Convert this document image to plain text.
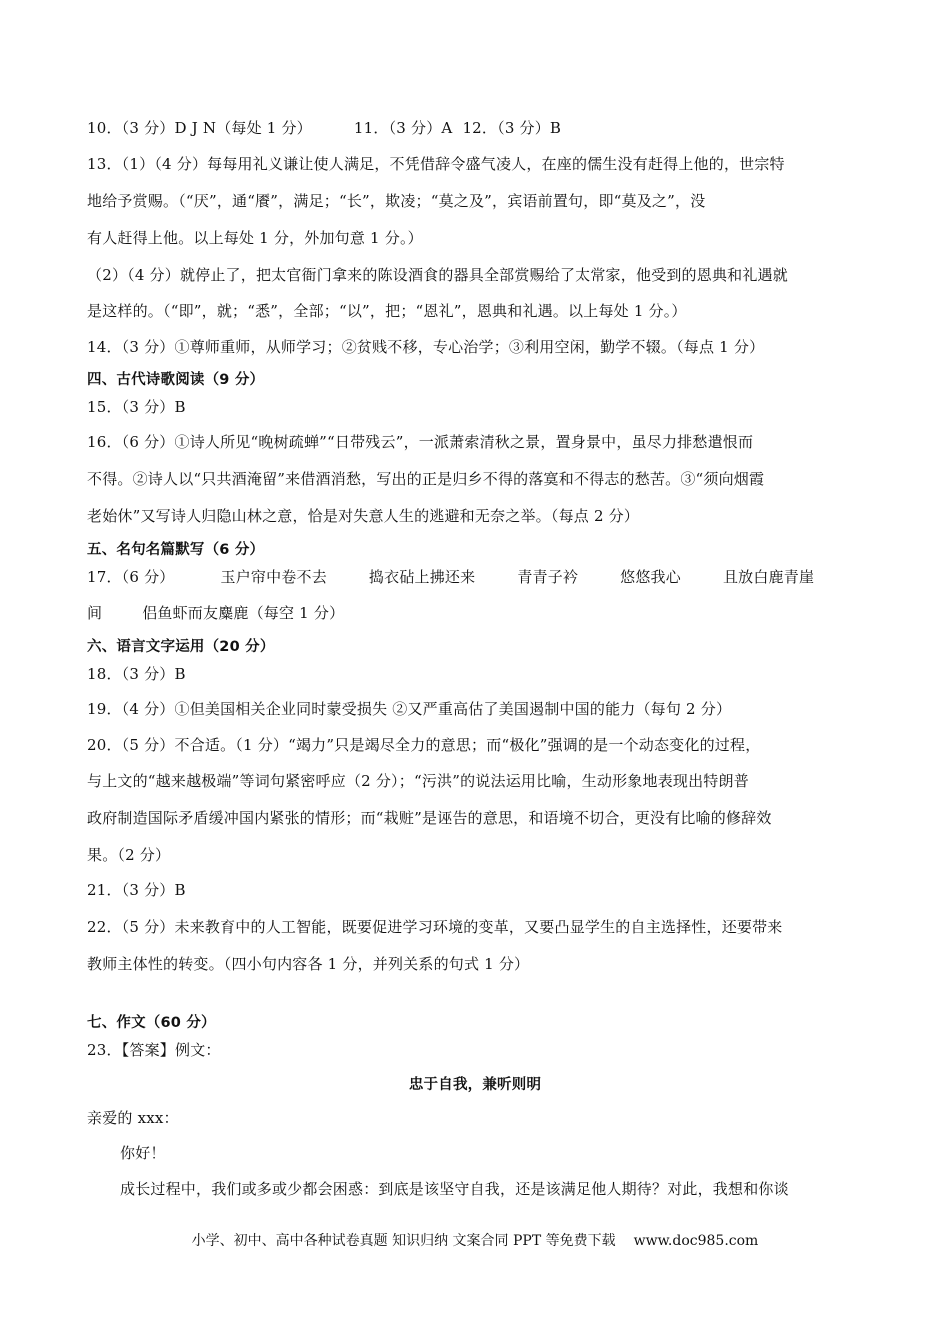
10．（3 分）D J N（每处 1 分）	11．（3 分）A 12．（3 分）B
13．（1）（4 分）每每用礼义谦让使人满足，不凭借辞令盛气凌人，在座的儒生没有赶得上他的，世宗特
地给予赏赐。（“厌”，通“餍”，满足；“长”，欺凌；“莫之及”，宾语前置句，即“莫及之”，没
有人赶得上他。以上每处 1 分，外加句意 1 分。）
（2）（4 分）就停止了，把太官衙门拿来的陈设酒食的器具全部赏赐给了太常家，他受到的恩典和礼遇就
是这样的。（“即”，就；“悉”，全部；“以”，把；“恩礼”，恩典和礼遇。以上每处 1 分。）
14．（3 分）①尊师重师，从师学习；②贫贱不移，专心治学；③利用空闲，勤学不辍。（每点 1 分）
四、古代诗歌阅读（9 分）
15．（3 分）B
16．（6 分）①诗人所见“晚树疏蝉”“日带残云”，一派萧索清秋之景，置身景中，虽尽力排愁遣恨而
不得。②诗人以“只共酒淹留”来借酒消愁，写出的正是归乡不得的落寞和不得志的愁苦。③“须向烟霞
老始休”又写诗人归隐山林之意，恰是对失意人生的逃避和无奈之举。（每点 2 分）
五、名句名篇默写（6 分）
17．（6 分）	玉户帘中卷不去	捣衣砧上拂还来	青青子衿	悠悠我心	且放白鹿青崖
间	侣鱼虾而友麋鹿（每空 1 分）
六、语言文字运用（20 分）
18．（3 分）B
19．（4 分）①但美国相关企业同时蒙受损失 ②又严重高估了美国遏制中国的能力（每句 2 分）
20．（5 分）不合适。（1 分）“竭力”只是竭尽全力的意思；而“极化”强调的是一个动态变化的过程，
与上文的“越来越极端”等词句紧密呼应（2 分）；“污洪”的说法运用比喻，生动形象地表现出特朗普
政府制造国际矛盾缓冲国内紧张的情形；而“栽赃”是诬告的意思，和语境不切合，更没有比喻的修辞效
果。（2 分）
21．（3 分）B
22．（5 分）未来教育中的人工智能，既要促进学习环境的变革，又要凸显学生的自主选择性，还要带来
教师主体性的转变。（四小句内容各 1 分，并列关系的句式 1 分）
七、作文（60 分）
23．【答案】例文：
忠于自我，兼听则明
亲爱的 xxx：
你好！
成长过程中，我们或多或少都会困惑：到底是该坚守自我，还是该满足他人期待？对此，我想和你谈
小学、初中、高中各种试卷真题 知识归纳 文案合同 PPT 等免费下载 www.doc985.com
